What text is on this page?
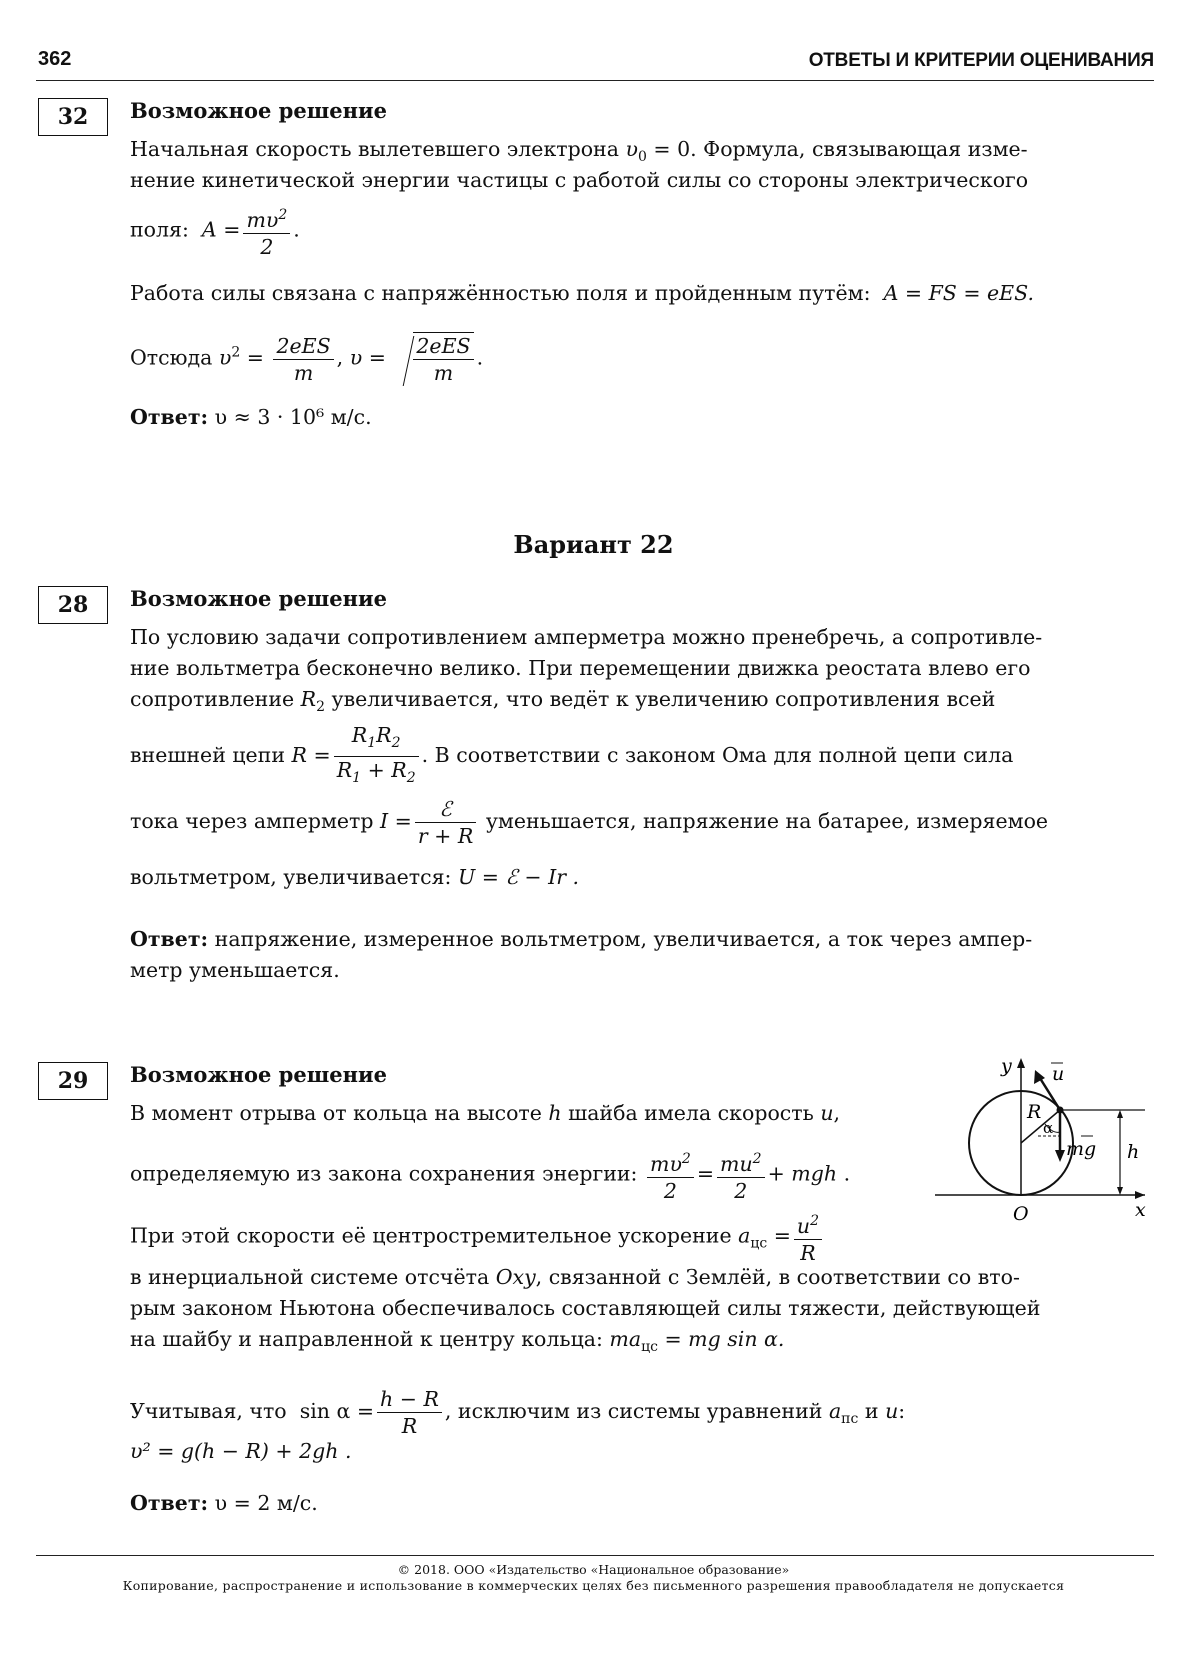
362	ОТВЕТЫ И КРИТЕРИИ ОЦЕНИВАНИЯ
32	Возможное решение
Начальная скорость вылетевшего электрона $\upsilon_0 = 0$. Формула, связывающая изме-
нение кинетической энергии частицы с работой силы со стороны электрического
поля: $A = \frac{m\upsilon^2}{2}$ .
Работа силы связана с напряжённостью поля и пройденным путём: A = FS = eES.
Отсюда $\upsilon^2 = \frac{\text{2eES}}{m}$ , $\upsilon = \frac{\text{2eES}}{m}$ .
Ответ: υ ≈ 3 · 10⁶ м/с.
Вариант 22
28	Возможное решение
По условию задачи сопротивлением амперметра можно пренебречь, а сопротивле-
ние вольтметра бесконечно велико. При перемещении движка реостата влево его
сопротивление $R_2$ увеличивается, что ведёт к увеличению сопротивления всей
внешней цепи $R = \frac{R_1R_2}{R_1 + R_2}$ . В соответствии с законом Ома для полной цепи сила
тока через амперметр $I = \frac{\text{ℰ}}{r + R}$ уменьшается, напряжение на батарее, измеряемое
вольтметром, увеличивается: U = ℰ − Ir .
Ответ: напряжение, измеренное вольтметром, увеличивается, а ток через ампер-
метр уменьшается.
29	Возможное решение
В момент отрыва от кольца на высоте h шайба имела скорость u,
определяемую из закона сохранения энергии: $\frac{m\upsilon^2}{2} = \frac{mu^2}{2}$ + mgh .
При этой скорости её центростремительное ускорение $a_{цс} = \frac{u^2}{R}$
в инерциальной системе отсчёта Oxy, связанной с Землёй, в соответствии со вто-
рым законом Ньютона обеспечивалось составляющей силы тяжести, действующей
на шайбу и направленной к центру кольца: $ma_{цс}$ = mg sin α.
Учитывая, что  $\sin \alpha = \frac{h - R}{R}$ , исключим из системы уравнений $a_{пс}$ и u:
υ² = g(h − R) + 2gh .
Ответ: υ = 2 м/с.
y u
R
α
mg h
O	x
© 2018. ООО «Издательство «Национальное образование»
Копирование, распространение и использование в коммерческих целях без письменного разрешения правообладателя не допускается
